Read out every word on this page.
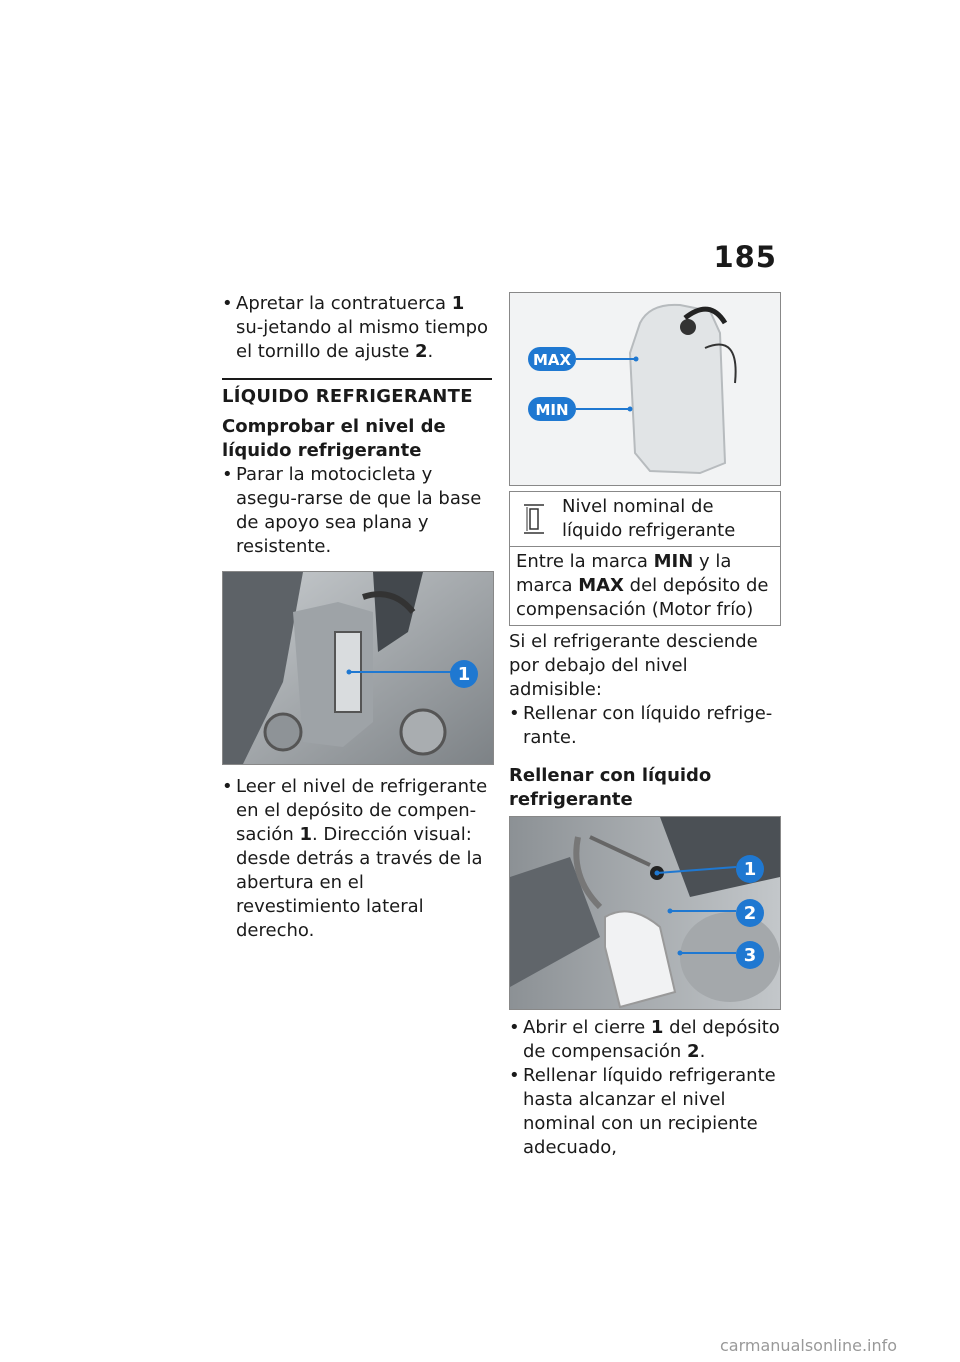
185

• Apretar la contratuerca 1 su-jetando al mismo tiempo el tornillo de ajuste 2.

LÍQUIDO REFRIGERANTE
Comprobar el nivel de líquido refrigerante

• Parar la motocicleta y asegu-rarse de que la base de apoyo sea plana y resistente.

1

• Leer el nivel de refrigerante en el depósito de compen-sación 1. Dirección visual: desde detrás a través de la abertura en el revestimiento lateral derecho.

MAX
MIN
Nivel nominal de líquido refrigerante
Entre la marca MIN y la marca MAX del depósito de compensación (Motor frío)

Si el refrigerante desciende por debajo del nivel admisible:

• Rellenar con líquido refrige-rante.

Rellenar con líquido refrigerante
1
2
3

• Abrir el cierre 1 del depósito de compensación 2.

• Rellenar líquido refrigerante hasta alcanzar el nivel nominal con un recipiente adecuado,

carmanualsonline.info
